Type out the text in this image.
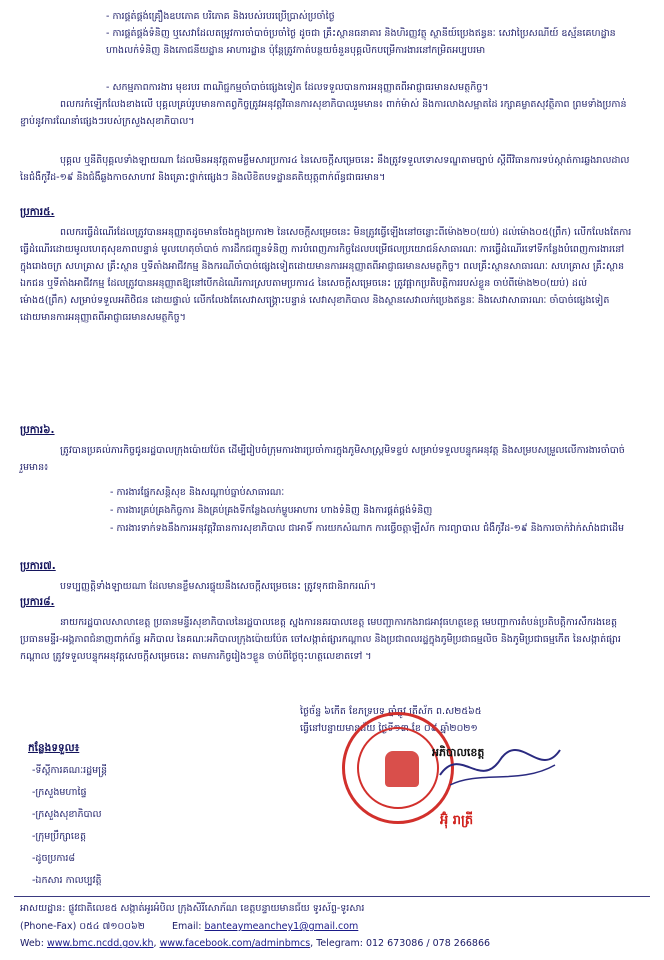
- ការផ្គត់ផ្គង់គ្រឿងឧបភោគ បរិភោគ និងរបស់របរប្រើប្រាស់ប្រចាំថ្ងៃ
- ការផ្គត់ផ្គង់ទំនិញ ឬសេវាដែលតម្រូវការចាំបាច់ប្រចាំថ្ងៃ ដូចជា គ្រឹះស្ថានធនាគារ និងហិរញ្ញវត្ថុ ស្ថានីយ៍ប្រេងឥន្ធនៈ សេវាប្រៃសណីយ៍ ឧស្ម័នគេហដ្ឋាន ហាងលក់ទំនិញ និងភោជនីយដ្ឋាន អាហារដ្ឋាន ប៉ុន្តែត្រូវកាត់បន្ថយចំនួនបុគ្គលិកបម្រើការងារនៅកម្រិតអប្បបរមា
- សកម្មភាពការងារ មុខរបរ ពាណិជ្ជកម្មចាំបាច់ផ្សេងទៀត ដែលទទួលបានការអនុញ្ញាតពីអាជ្ញាធរមានសមត្ថកិច្ច។
ពលករកំឡើកលែងខាងលើ បុគ្គលគ្រប់រូបមានកាតព្វកិច្ចត្រូវអនុវត្តវិធានការសុខាភិបាលរួមមាន៖ ពាក់ម៉ាស់ និងការលាងសម្អាតដៃ រក្សាគម្លាតសុវត្ថិភាព ព្រមទាំងប្រកាន់ខ្ជាប់នូវការណែនាំផ្សេងៗរបស់ក្រសួងសុខាភិបាល។
បុគ្គល ឬនីតិបុគ្គលទាំងឡាយណា ដែលមិនអនុវត្តតាមខ្លឹមសារប្រការ៤ នៃសេចក្តីសម្រេចនេះ នឹងត្រូវទទួលទោសទណ្ឌតាមច្បាប់ ស្តីពីវិធានការទប់ស្កាត់ការឆ្លងរាលដាលនៃជំងឺកូវីដ-១៩ និងជំងឺឆ្លងកាចសាហាវ និងគ្រោះថ្នាក់ផ្សេងៗ និងលិខិតបទដ្ឋានគតិយុត្តពាក់ព័ន្ធជាធរមាន។
ប្រការ៥.
ពលករធ្វើដំណើរដែលត្រូវបានអនុញ្ញាតដូចមានចែងក្នុងប្រការ២ នៃសេចក្តីសម្រេចនេះ មិនត្រូវធ្វើឡើងនៅចន្លោះពីម៉ោង២០(យប់) ដល់ម៉ោង០៥(ព្រឹក) លើកលែងតែការធ្វើដំណើរដោយមូលហេតុសុខភាពបន្ទាន់ មូលហេតុចាំបាច់ ការដឹកជញ្ជូនទំនិញ ការបំពេញភារកិច្ចដែលបម្រើផលប្រយោជន៍សាធារណៈ ការធ្វើដំណើរទៅទីកន្លែងបំពេញការងារនៅក្នុងរោងចក្រ សហគ្រាស គ្រឹះស្ថាន ឬទីតាំងអាជីវកម្ម និងករណីចាំបាច់ផ្សេងទៀតដោយមានការអនុញ្ញាតពីអាជ្ញាធរមានសមត្ថកិច្ច។ ពលគ្រឹះស្ថានសាធារណៈ សហគ្រាស គ្រឹះស្ថានឯកជន ឬទីតាំងអាជីវកម្ម ដែលត្រូវបានអនុញ្ញាតឱ្យនៅបើកដំណើរការស្របតាមប្រការ៤ នៃសេចក្តីសម្រេចនេះ ត្រូវផ្អាកប្រតិបត្តិការរបស់ខ្លួន ចាប់ពីម៉ោង២០(យប់) ដល់ម៉ោង៥(ព្រឹក) សម្រាប់ទទួលអតិថិជន ដោយផ្ទាល់ លើកលែងតែសេវាសង្គ្រោះបន្ទាន់ សេវាសុខាភិបាល និងស្ថានសេវាលក់ប្រេងឥន្ធនៈ និងសេវាសាធារណៈ ចាំបាច់ផ្សេងទៀត ដោយមានការអនុញ្ញាតពីអាជ្ញាធរមានសមត្ថកិច្ច។
ប្រការ៦.
ត្រូវបានប្រគល់ភារកិច្ចជូនរដ្ឋបាលក្រុងប៉ោយប៉ែត ដើម្បីរៀបចំក្រុមការងារប្រចាំការក្នុងភូមិសាស្ត្រមិទខ្ទប់ សម្រាប់ទទួលបន្ទុកអនុវត្ត និងសម្របសម្រួលលើការងារចាំបាច់ រួមមាន៖
- ការងារផ្នែកសន្តិសុខ និងសណ្តាប់ធ្នាប់សាធារណៈ
- ការងារគ្រប់គ្រងកិច្ចការ និងគ្រប់គ្រងទីកន្លែងលក់ម្ហូបអាហារ ហាងទំនិញ និងការផ្គត់ផ្គង់ទំនិញ
- ការងារទាក់ទងនឹងការអនុវត្តវិធានការសុខាភិបាល ជាអាទិ៍ ការយកសំណាក ការធ្វើចត្តាឡីស័ក ការព្យាបាល ជំងឺកូវីដ-១៩ និងការចាក់វ៉ាក់សាំងជាដើម
ប្រការ៧.
បទប្បញ្ញត្តិទាំងឡាយណា ដែលមានខ្លឹមសារផ្ទុយនឹងសេចក្តីសម្រេចនេះ ត្រូវទុកជានិរាករណ៍។
ប្រការ៨.
នាយករដ្ឋបាលសាលាខេត្ត ប្រធានមន្ទីរសុខាភិបាលនៃរដ្ឋបាលខេត្ត ស្នងការនគរបាលខេត្ត មេបញ្ជាការកងរាជអាវុធហត្ថខេត្ត មេបញ្ជាការតំបន់ប្រតិបត្តិការសឹករងខេត្ត ប្រធានមន្ទីរ-អង្គភាពជំនាញពាក់ព័ន្ធ អភិបាល នៃគណៈអភិបាលក្រុងប៉ោយប៉ែត ចៅសង្កាត់ផ្សារកណ្តាល និងប្រជាពលរដ្ឋក្នុងភូមិប្រជាធម្មលិច និងភូមិប្រជាធម្មកើត នៃសង្កាត់ផ្សារកណ្តាល ត្រូវទទួលបន្ទុកអនុវត្តសេចក្តីសម្រេចនេះ តាមភារកិច្ចរៀងៗខ្លួន ចាប់ពីថ្ងៃចុះហត្ថលេខាតទៅ ។
ថ្ងៃច័ន្ទ ៦កើត ខែភទ្របទ ឆ្នាំឆ្លូវ ត្រីស័ក ព.ស២៥៦៥
ធ្វើនៅបន្ទាយមានជ័យ ថ្ងៃទី១៣ ខែ ០៩ ឆ្នាំ២០២១
អភិបាលខេត្ត
អ៊ុំ រាត្រី
កន្លែងទទួល៖
-ទីស្តីការគណៈរដ្ឋមន្ត្រី
-ក្រសួងមហាផ្ទៃ
-ក្រសួងសុខាភិបាល
-ក្រុមប្រឹក្សាខេត្ត
-ដូចប្រការ៨
-ឯកសារ កាលប្បវត្តិ
អាសយដ្ឋាន: ផ្លូវជាតិលេខ៥ សង្កាត់អូរអំបិល ក្រុងសិរីសោភ័ណ ខេត្តបន្ទាយមានជ័យ ទូរស័ព្ទ-ទូរសារ
(Phone-Fax) ០៥៤ ៧១០០៦២	Email: banteaymeanchey1@gmail.com
Web: www.bmc.ncdd.gov.kh, www.facebook.com/adminbmcs, Telegram: 012 673086 / 078 266866
